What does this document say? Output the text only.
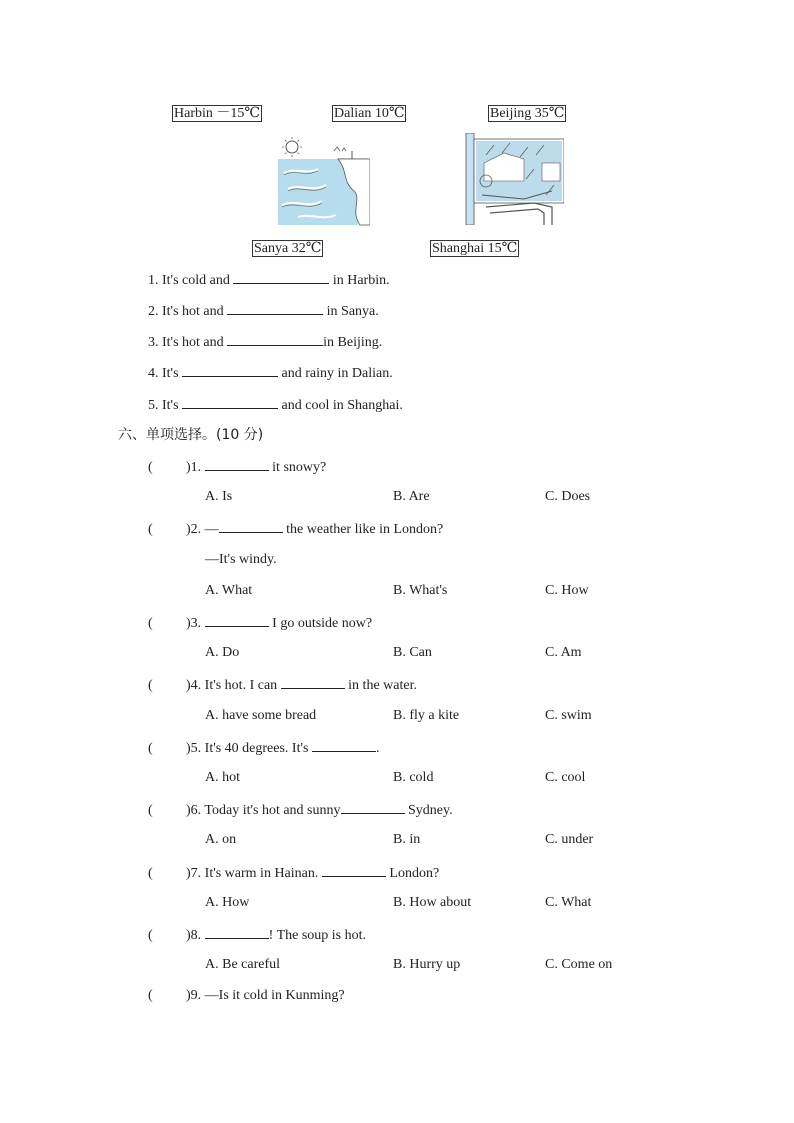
Harbin －15℃	Dalian 10℃	Beijing 35℃
Sanya 32℃	Shanghai 15℃
1. It's cold and	in Harbin.
2. It's hot and	in Sanya.
3. It's hot and	in Beijing.
4. It's	and rainy in Dalian.
5. It's	and cool in Shanghai.
六、单项选择。(10 分)
( )1.	it snowy?
A. Is	B. Are	C. Does
( )2. —	the weather like in London?
—It's windy.
A. What	B. What's	C. How
( )3.	I go outside now?
A. Do	B. Can	C. Am
( )4. It's hot. I can	in the water.
A. have some bread	B. fly a kite	C. swim
( )5. It's 40 degrees. It's	.
A. hot	B. cold	C. cool
( )6. Today it's hot and sunny	Sydney.
A. on	B. in	C. under
( )7. It's warm in Hainan.	London?
A. How	B. How about	C. What
( )8.	! The soup is hot.
A. Be careful	B. Hurry up	C. Come on
( )9. —Is it cold in Kunming?
